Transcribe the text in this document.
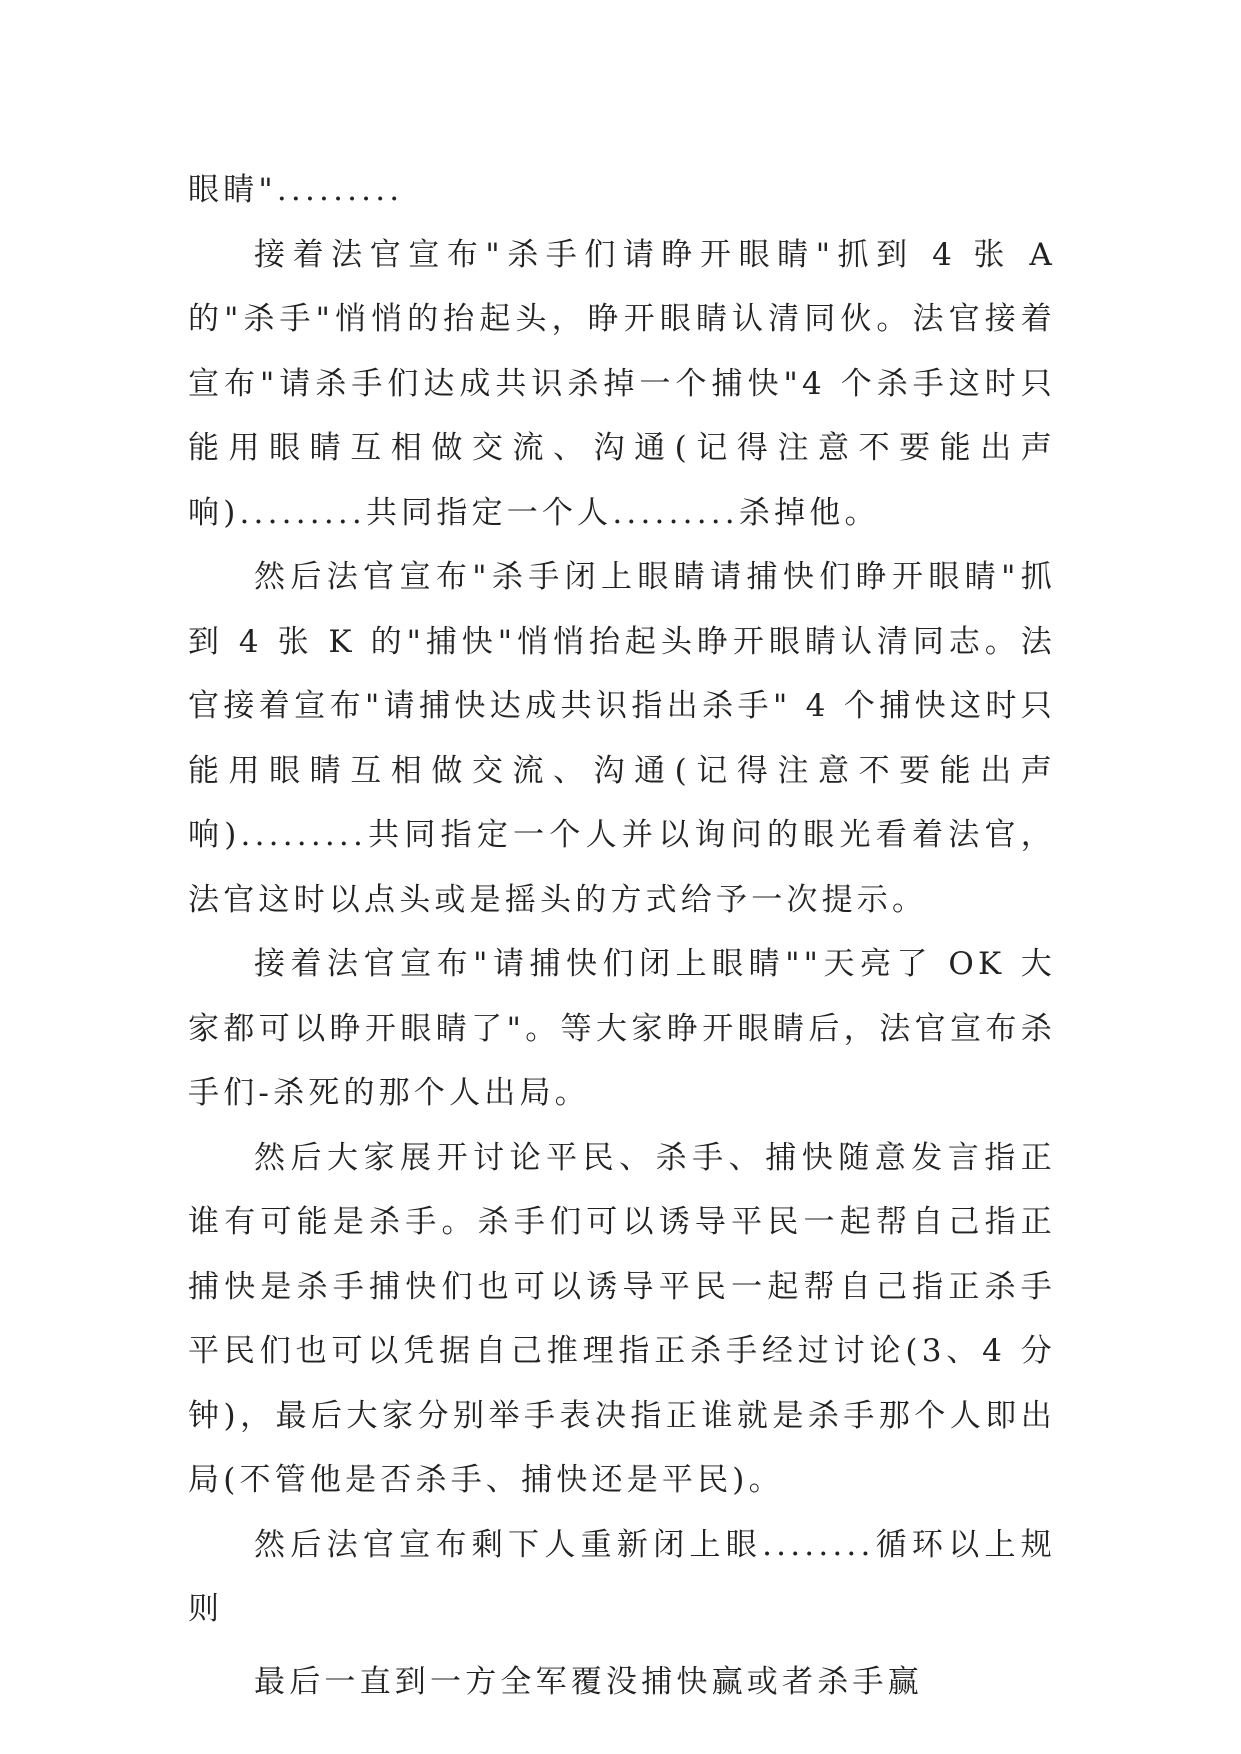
眼睛".........

接着法官宣布"杀手们请睁开眼睛"抓到 4 张 A 的"杀手"悄悄的抬起头，睁开眼睛认清同伙。法官接着宣布"请杀手们达成共识杀掉一个捕快"4 个杀手这时只能用眼睛互相做交流、沟通(记得注意不要能出声响).........共同指定一个人.........杀掉他。

然后法官宣布"杀手闭上眼睛请捕快们睁开眼睛"抓到 4 张 K 的"捕快"悄悄抬起头睁开眼睛认清同志。法官接着宣布"请捕快达成共识指出杀手" 4 个捕快这时只能用眼睛互相做交流、沟通(记得注意不要能出声响).........共同指定一个人并以询问的眼光看着法官，法官这时以点头或是摇头的方式给予一次提示。

接着法官宣布"请捕快们闭上眼睛""天亮了 OK 大家都可以睁开眼睛了"。等大家睁开眼睛后，法官宣布杀手们-杀死的那个人出局。

然后大家展开讨论平民、杀手、捕快随意发言指正谁有可能是杀手。杀手们可以诱导平民一起帮自己指正捕快是杀手捕快们也可以诱导平民一起帮自己指正杀手平民们也可以凭据自己推理指正杀手经过讨论(3、4 分钟)，最后大家分别举手表决指正谁就是杀手那个人即出局(不管他是否杀手、捕快还是平民)。

然后法官宣布剩下人重新闭上眼........循环以上规则

最后一直到一方全军覆没捕快赢或者杀手赢
